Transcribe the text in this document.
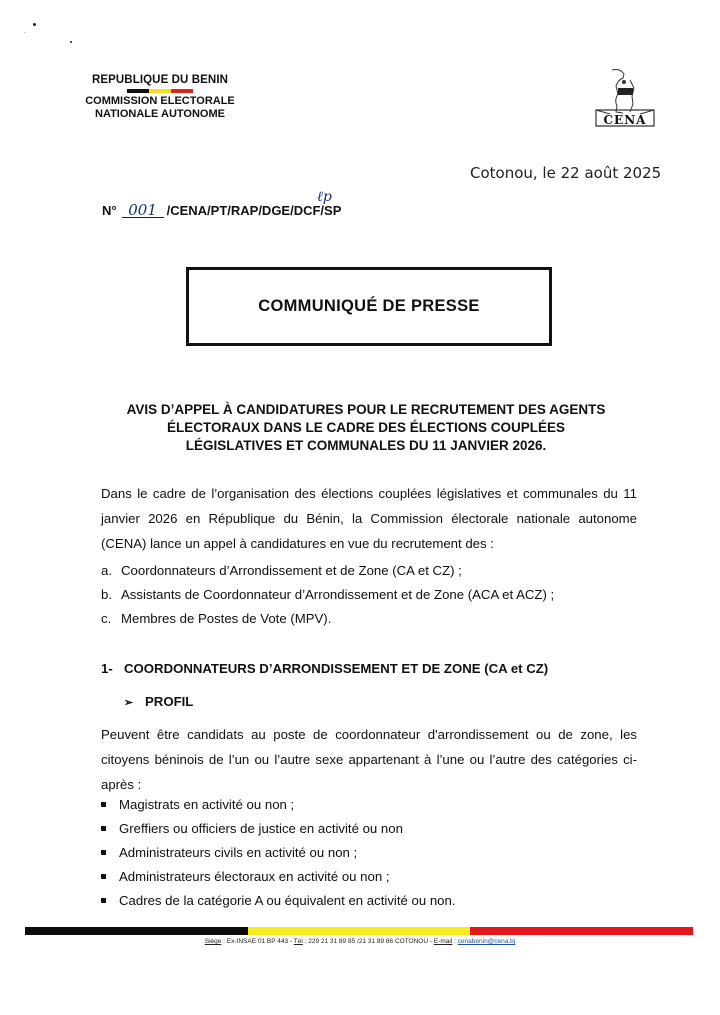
REPUBLIQUE DU BENIN
COMMISSION ELECTORALE
NATIONALE AUTONOME	CENA
Cotonou, le 22 août 2025
N° 001 /CENA/PT/RAP/DGE/DCF/SP
ℓp
COMMUNIQUÉ DE PRESSE
AVIS D’APPEL À CANDIDATURES POUR LE RECRUTEMENT DES AGENTS
ÉLECTORAUX DANS LE CADRE DES ÉLECTIONS COUPLÉES
LÉGISLATIVES ET COMMUNALES DU 11 JANVIER 2026.

Dans le cadre de l’organisation des élections couplées législatives et communales du 11 janvier 2026 en République du Bénin, la Commission électorale nationale autonome (CENA) lance un appel à candidatures en vue du recrutement des :

a. Coordonnateurs d’Arrondissement et de Zone (CA et CZ) ;
b. Assistants de Coordonnateur d’Arrondissement et de Zone (ACA et ACZ) ;
c. Membres de Postes de Vote (MPV).
1- COORDONNATEURS D’ARRONDISSEMENT ET DE ZONE (CA et CZ)
➢ PROFIL

Peuvent être candidats au poste de coordonnateur d'arrondissement ou de zone, les citoyens béninois de l’un ou l’autre sexe appartenant à l’une ou l’autre des catégories ci-après :

Magistrats en activité ou non ;
Greffiers ou officiers de justice en activité ou non
Administrateurs civils en activité ou non ;
Administrateurs électoraux en activité ou non ;
Cadres de la catégorie A ou équivalent en activité ou non.
Siège : Ex-INSAE 01 BP 443 - Tél : 229 21 31 89 85 /21 31 89 86 COTONOU - E-mail : cenabenin@cena.bj
